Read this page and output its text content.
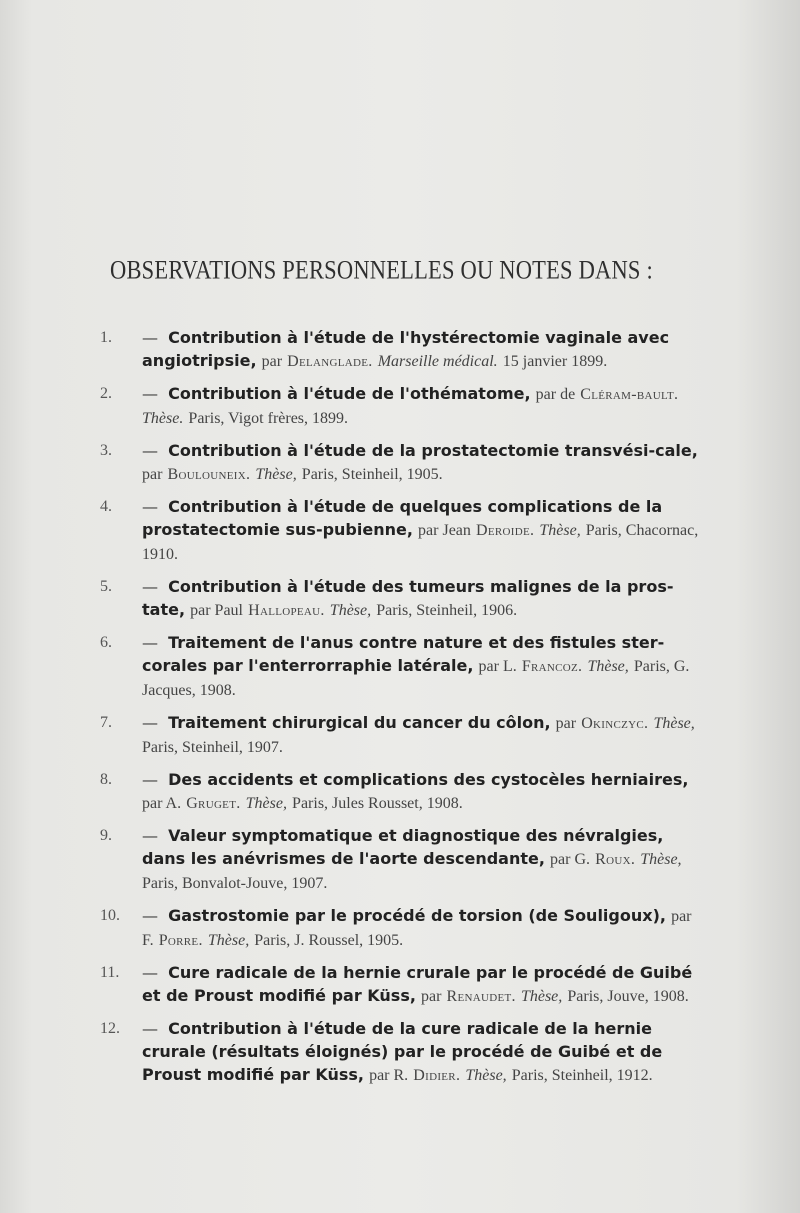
OBSERVATIONS PERSONNELLES OU NOTES DANS :
1. — Contribution à l'étude de l'hystérectomie vaginale avec angiotripsie, par Delanglade. Marseille médical. 15 janvier 1899.
2. — Contribution à l'étude de l'othématome, par de Cléram-bault. Thèse. Paris, Vigot frères, 1899.
3. — Contribution à l'étude de la prostatectomie transvési-cale, par Boulouneix. Thèse, Paris, Steinheil, 1905.
4. — Contribution à l'étude de quelques complications de la prostatectomie sus-pubienne, par Jean Deroide. Thèse, Paris, Chacornac, 1910.
5. — Contribution à l'étude des tumeurs malignes de la pros-tate, par Paul Hallopeau. Thèse, Paris, Steinheil, 1906.
6. — Traitement de l'anus contre nature et des fistules ster-corales par l'enterrorraphie latérale, par L. Francoz. Thèse, Paris, G. Jacques, 1908.
7. — Traitement chirurgical du cancer du côlon, par Okinczyc. Thèse, Paris, Steinheil, 1907.
8. — Des accidents et complications des cystocèles herniaires, par A. Gruget. Thèse, Paris, Jules Rousset, 1908.
9. — Valeur symptomatique et diagnostique des névralgies, dans les anévrismes de l'aorte descendante, par G. Roux. Thèse, Paris, Bonvalot-Jouve, 1907.
10. — Gastrostomie par le procédé de torsion (de Souligoux), par F. Porre. Thèse, Paris, J. Roussel, 1905.
11. — Cure radicale de la hernie crurale par le procédé de Guibé et de Proust modifié par Küss, par Renaudet. Thèse, Paris, Jouve, 1908.
12. — Contribution à l'étude de la cure radicale de la hernie crurale (résultats éloignés) par le procédé de Guibé et de Proust modifié par Küss, par R. Didier. Thèse, Paris, Steinheil, 1912.
